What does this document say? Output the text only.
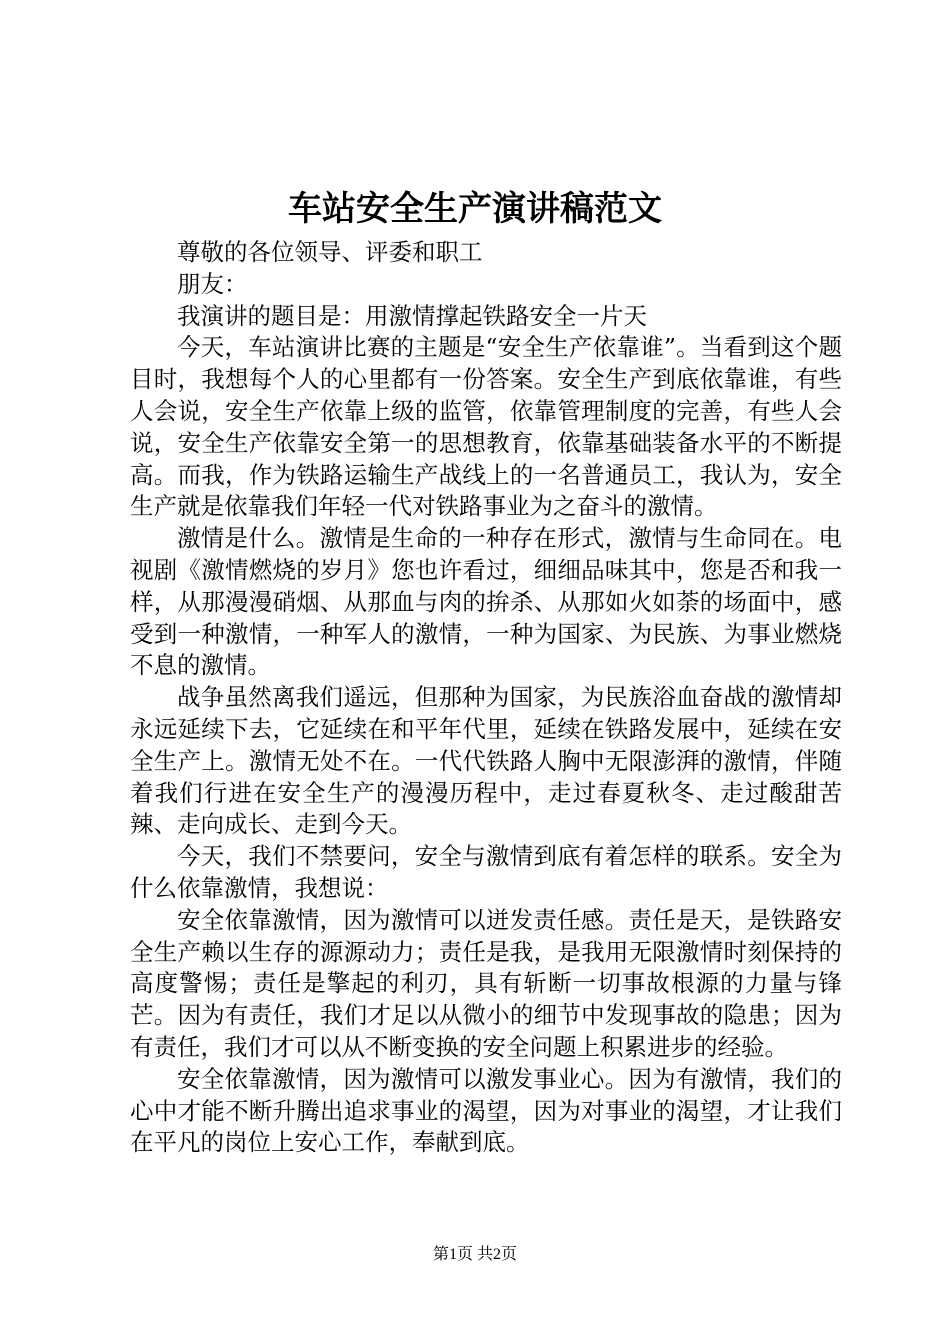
车站安全生产演讲稿范文

尊敬的各位领导、评委和职工

朋友：

我演讲的题目是：用激情撑起铁路安全一片天

今天，车站演讲比赛的主题是“安全生产依靠谁”。当看到这个题目时，我想每个人的心里都有一份答案。安全生产到底依靠谁，有些人会说，安全生产依靠上级的监管，依靠管理制度的完善，有些人会说，安全生产依靠安全第一的思想教育，依靠基础装备水平的不断提高。而我，作为铁路运输生产战线上的一名普通员工，我认为，安全生产就是依靠我们年轻一代对铁路事业为之奋斗的激情。

激情是什么。激情是生命的一种存在形式，激情与生命同在。电视剧《激情燃烧的岁月》您也许看过，细细品味其中，您是否和我一样，从那漫漫硝烟、从那血与肉的拚杀、从那如火如荼的场面中，感受到一种激情，一种军人的激情，一种为国家、为民族、为事业燃烧不息的激情。

战争虽然离我们遥远，但那种为国家，为民族浴血奋战的激情却永远延续下去，它延续在和平年代里，延续在铁路发展中，延续在安全生产上。激情无处不在。一代代铁路人胸中无限澎湃的激情，伴随着我们行进在安全生产的漫漫历程中，走过春夏秋冬、走过酸甜苦辣、走向成长、走到今天。

今天，我们不禁要问，安全与激情到底有着怎样的联系。安全为什么依靠激情，我想说：

安全依靠激情，因为激情可以迸发责任感。责任是天，是铁路安全生产赖以生存的源源动力；责任是我，是我用无限激情时刻保持的高度警惕；责任是擎起的利刃，具有斩断一切事故根源的力量与锋芒。因为有责任，我们才足以从微小的细节中发现事故的隐患；因为有责任，我们才可以从不断变换的安全问题上积累进步的经验。

安全依靠激情，因为激情可以激发事业心。因为有激情，我们的心中才能不断升腾出追求事业的渴望，因为对事业的渴望，才让我们在平凡的岗位上安心工作，奉献到底。

第1页 共2页
